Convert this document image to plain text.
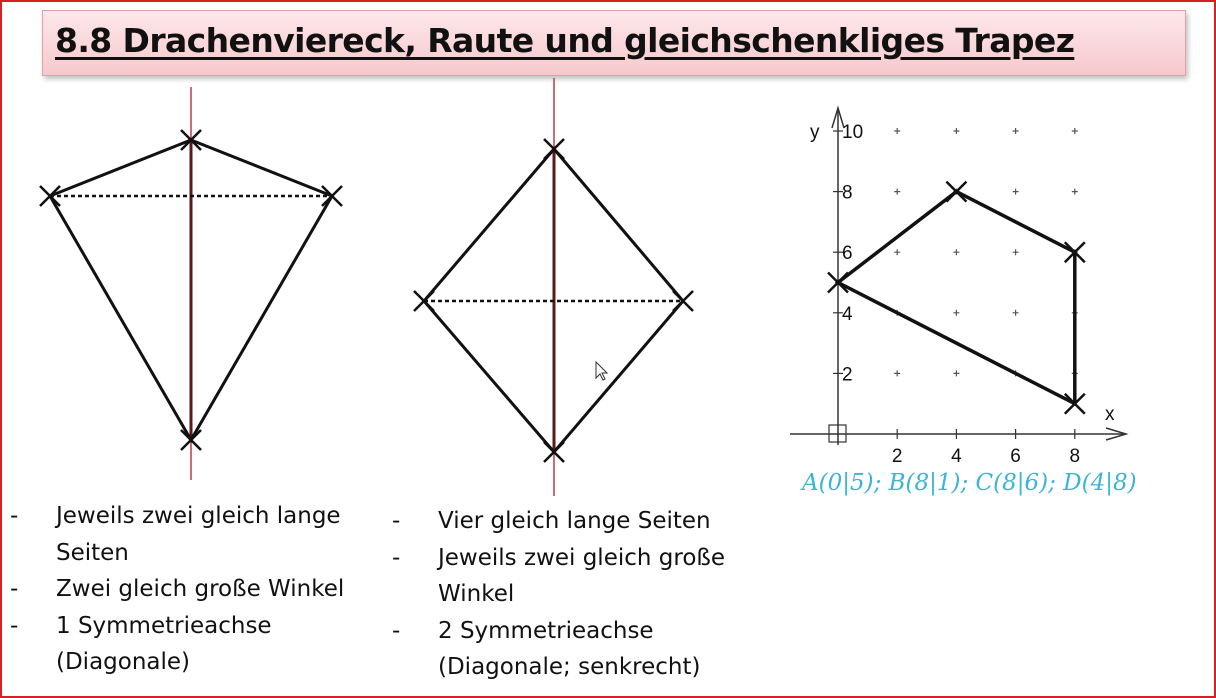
8.8 Drachenviereck, Raute und gleichschenkliges Trapez
x
y
2	4	6	8
2
4
6
8
10
- Jeweils zwei gleich lange Seiten
- Zwei gleich große Winkel
- 1 Symmetrieachse (Diagonale)
- Vier gleich lange Seiten
- Jeweils zwei gleich große Winkel
- 2 Symmetrieachse (Diagonale; senkrecht)
A(0|5); B(8|1); C(8|6); D(4|8)
